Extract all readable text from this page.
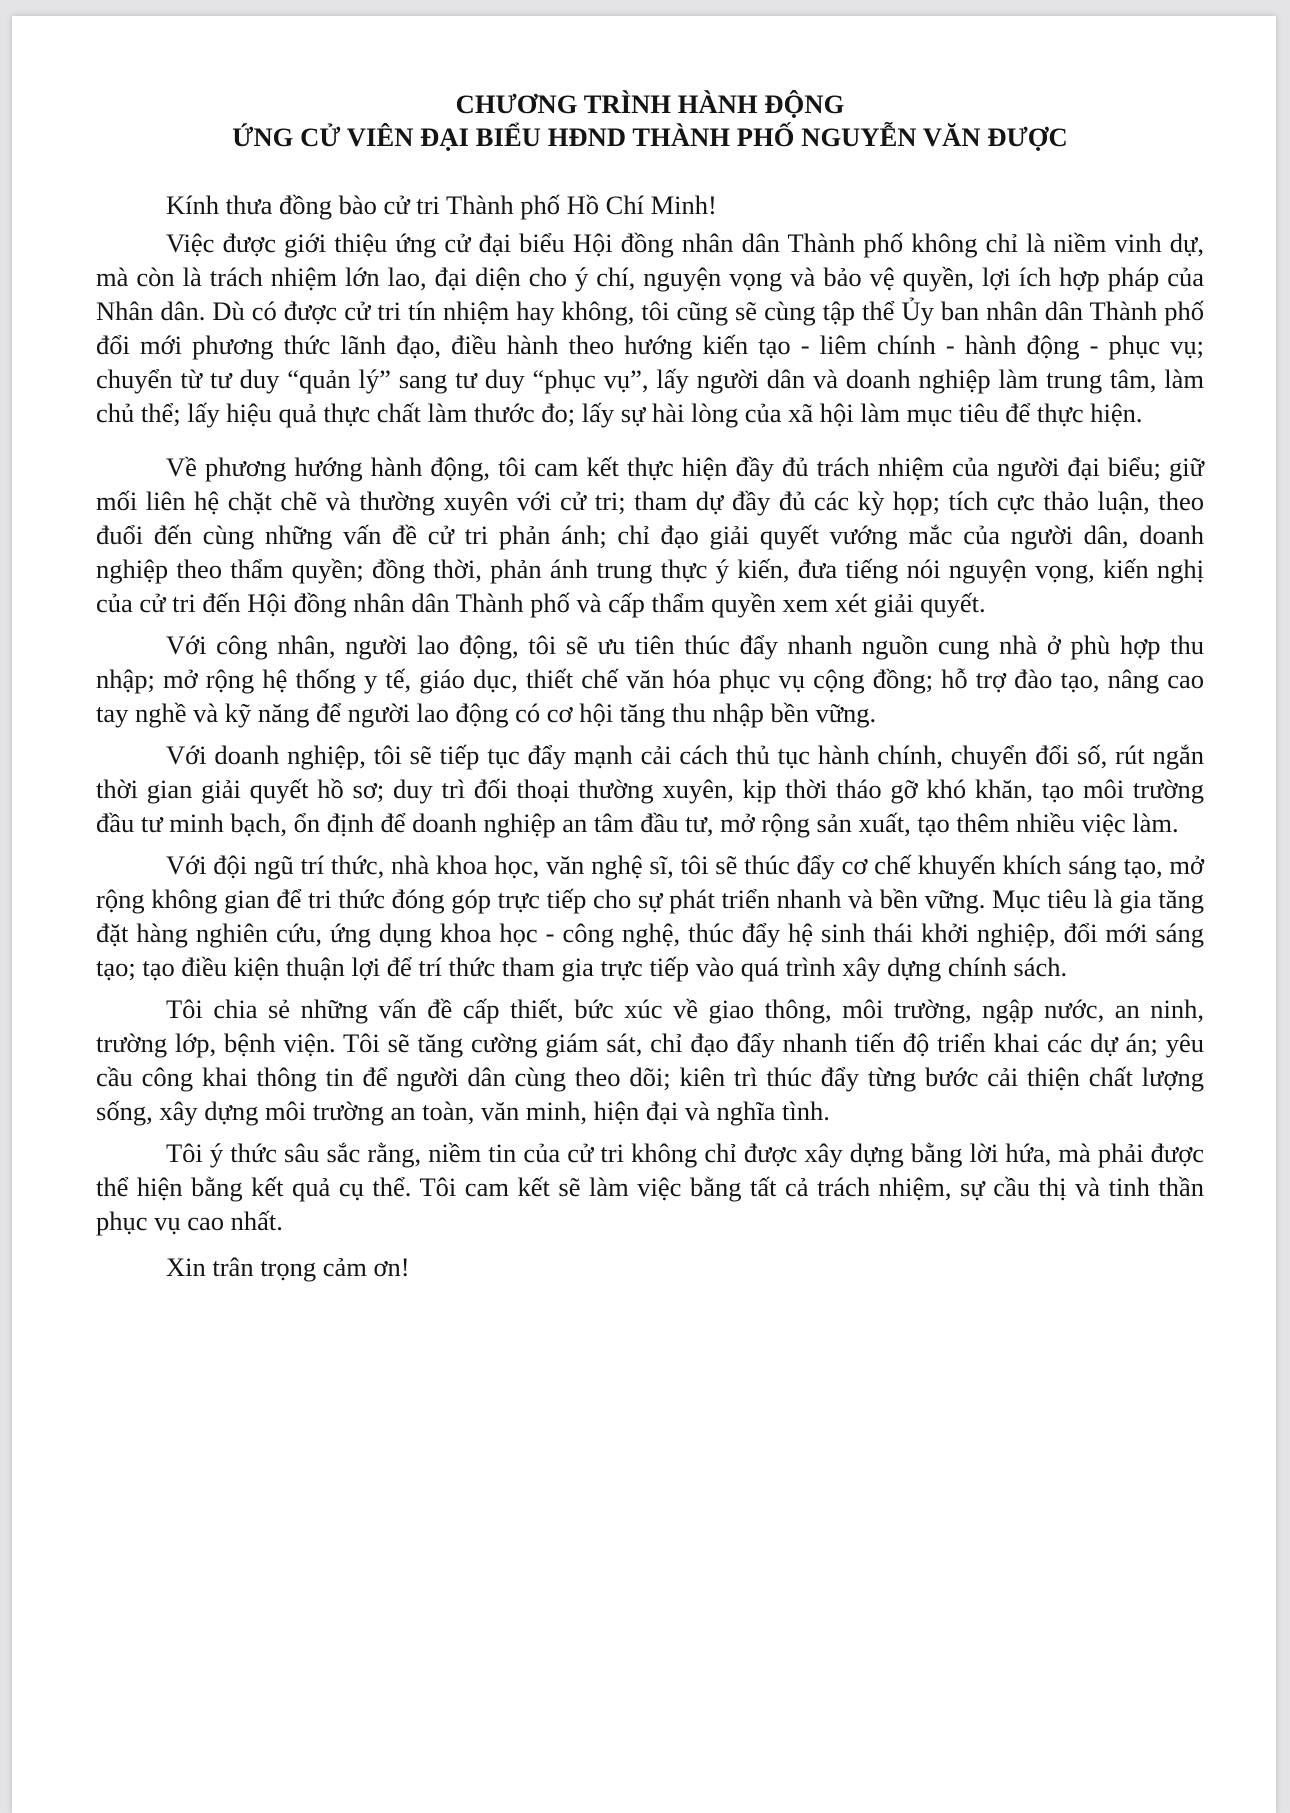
CHƯƠNG TRÌNH HÀNH ĐỘNG
ỨNG CỬ VIÊN ĐẠI BIỂU HĐND THÀNH PHỐ NGUYỄN VĂN ĐƯỢC

Kính thưa đồng bào cử tri Thành phố Hồ Chí Minh!

Việc được giới thiệu ứng cử đại biểu Hội đồng nhân dân Thành phố không chỉ là niềm vinh dự, mà còn là trách nhiệm lớn lao, đại diện cho ý chí, nguyện vọng và bảo vệ quyền, lợi ích hợp pháp của Nhân dân. Dù có được cử tri tín nhiệm hay không, tôi cũng sẽ cùng tập thể Ủy ban nhân dân Thành phố đổi mới phương thức lãnh đạo, điều hành theo hướng kiến tạo - liêm chính - hành động - phục vụ; chuyển từ tư duy “quản lý” sang tư duy “phục vụ”, lấy người dân và doanh nghiệp làm trung tâm, làm chủ thể; lấy hiệu quả thực chất làm thước đo; lấy sự hài lòng của xã hội làm mục tiêu để thực hiện.

Về phương hướng hành động, tôi cam kết thực hiện đầy đủ trách nhiệm của người đại biểu; giữ mối liên hệ chặt chẽ và thường xuyên với cử tri; tham dự đầy đủ các kỳ họp; tích cực thảo luận, theo đuổi đến cùng những vấn đề cử tri phản ánh; chỉ đạo giải quyết vướng mắc của người dân, doanh nghiệp theo thẩm quyền; đồng thời, phản ánh trung thực ý kiến, đưa tiếng nói nguyện vọng, kiến nghị của cử tri đến Hội đồng nhân dân Thành phố và cấp thẩm quyền xem xét giải quyết.

Với công nhân, người lao động, tôi sẽ ưu tiên thúc đẩy nhanh nguồn cung nhà ở phù hợp thu nhập; mở rộng hệ thống y tế, giáo dục, thiết chế văn hóa phục vụ cộng đồng; hỗ trợ đào tạo, nâng cao tay nghề và kỹ năng để người lao động có cơ hội tăng thu nhập bền vững.

Với doanh nghiệp, tôi sẽ tiếp tục đẩy mạnh cải cách thủ tục hành chính, chuyển đổi số, rút ngắn thời gian giải quyết hồ sơ; duy trì đối thoại thường xuyên, kịp thời tháo gỡ khó khăn, tạo môi trường đầu tư minh bạch, ổn định để doanh nghiệp an tâm đầu tư, mở rộng sản xuất, tạo thêm nhiều việc làm.

Với đội ngũ trí thức, nhà khoa học, văn nghệ sĩ, tôi sẽ thúc đẩy cơ chế khuyến khích sáng tạo, mở rộng không gian để tri thức đóng góp trực tiếp cho sự phát triển nhanh và bền vững. Mục tiêu là gia tăng đặt hàng nghiên cứu, ứng dụng khoa học - công nghệ, thúc đẩy hệ sinh thái khởi nghiệp, đổi mới sáng tạo; tạo điều kiện thuận lợi để trí thức tham gia trực tiếp vào quá trình xây dựng chính sách.

Tôi chia sẻ những vấn đề cấp thiết, bức xúc về giao thông, môi trường, ngập nước, an ninh, trường lớp, bệnh viện. Tôi sẽ tăng cường giám sát, chỉ đạo đẩy nhanh tiến độ triển khai các dự án; yêu cầu công khai thông tin để người dân cùng theo dõi; kiên trì thúc đẩy từng bước cải thiện chất lượng sống, xây dựng môi trường an toàn, văn minh, hiện đại và nghĩa tình.

Tôi ý thức sâu sắc rằng, niềm tin của cử tri không chỉ được xây dựng bằng lời hứa, mà phải được thể hiện bằng kết quả cụ thể. Tôi cam kết sẽ làm việc bằng tất cả trách nhiệm, sự cầu thị và tinh thần phục vụ cao nhất.

Xin trân trọng cảm ơn!
